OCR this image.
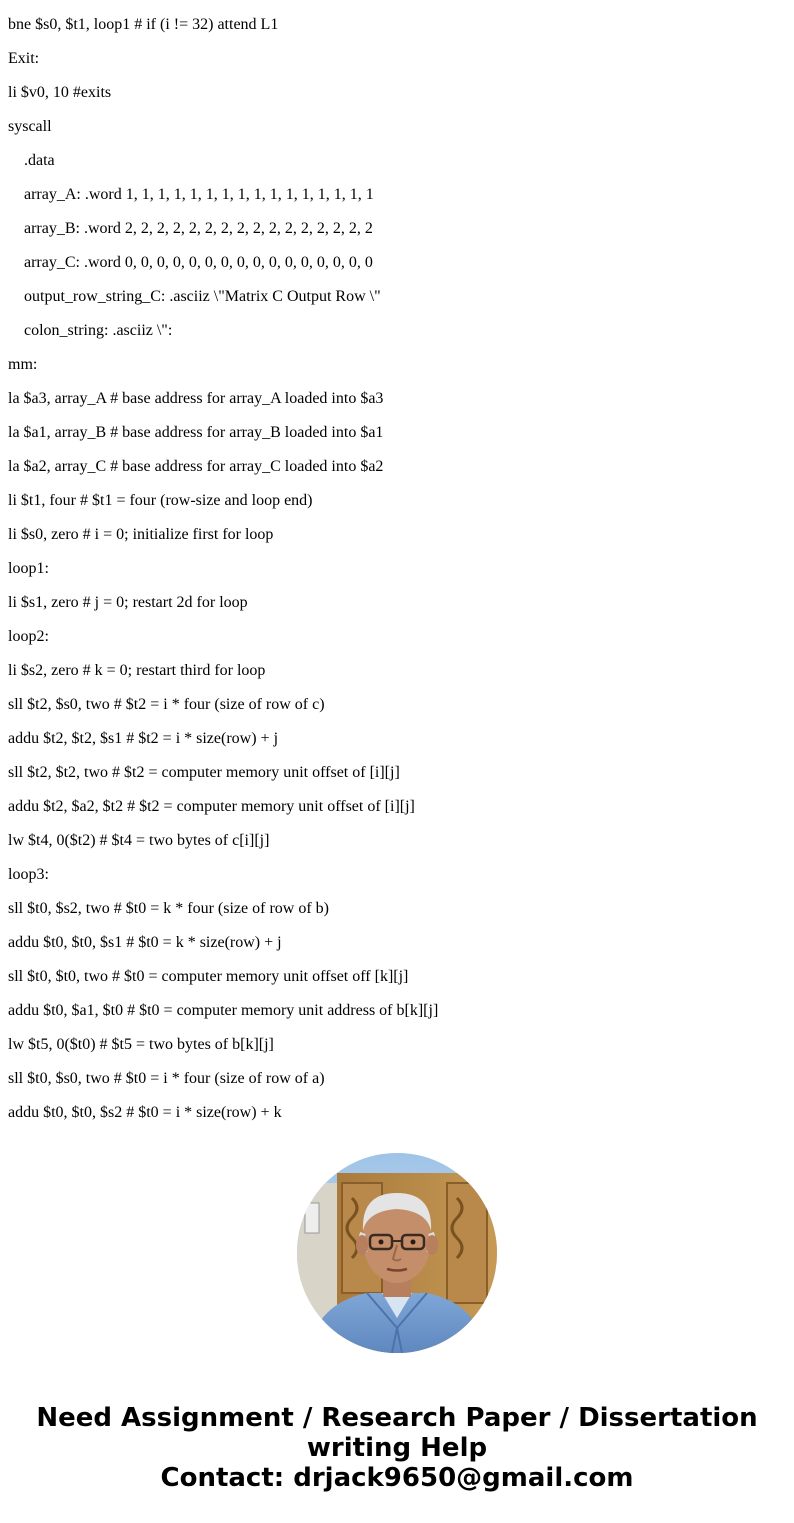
bne $s0, $t1, loop1 # if (i != 32) attend L1
Exit:
li $v0, 10 #exits
syscall
.data
array_A: .word 1, 1, 1, 1, 1, 1, 1, 1, 1, 1, 1, 1, 1, 1, 1, 1
array_B: .word 2, 2, 2, 2, 2, 2, 2, 2, 2, 2, 2, 2, 2, 2, 2, 2
array_C: .word 0, 0, 0, 0, 0, 0, 0, 0, 0, 0, 0, 0, 0, 0, 0, 0
output_row_string_C: .asciiz \"Matrix C Output Row \"
colon_string: .asciiz \":
mm:
la $a3, array_A # base address for array_A loaded into $a3
la $a1, array_B # base address for array_B loaded into $a1
la $a2, array_C # base address for array_C loaded into $a2
li $t1, four # $t1 = four (row-size and loop end)
li $s0, zero # i = 0; initialize first for loop
loop1:
li $s1, zero # j = 0; restart 2d for loop
loop2:
li $s2, zero # k = 0; restart third for loop
sll $t2, $s0, two # $t2 = i * four (size of row of c)
addu $t2, $t2, $s1 # $t2 = i * size(row) + j
sll $t2, $t2, two # $t2 = computer memory unit offset of [i][j]
addu $t2, $a2, $t2 # $t2 = computer memory unit offset of [i][j]
lw $t4, 0($t2) # $t4 = two bytes of c[i][j]
loop3:
sll $t0, $s2, two # $t0 = k * four (size of row of b)
addu $t0, $t0, $s1 # $t0 = k * size(row) + j
sll $t0, $t0, two # $t0 = computer memory unit offset off [k][j]
addu $t0, $a1, $t0 # $t0 = computer memory unit address of b[k][j]
lw $t5, 0($t0) # $t5 = two bytes of b[k][j]
sll $t0, $s0, two # $t0 = i * four (size of row of a)
addu $t0, $t0, $s2 # $t0 = i * size(row) + k
Need Assignment / Research Paper / Dissertation writing Help
Contact: drjack9650@gmail.com
